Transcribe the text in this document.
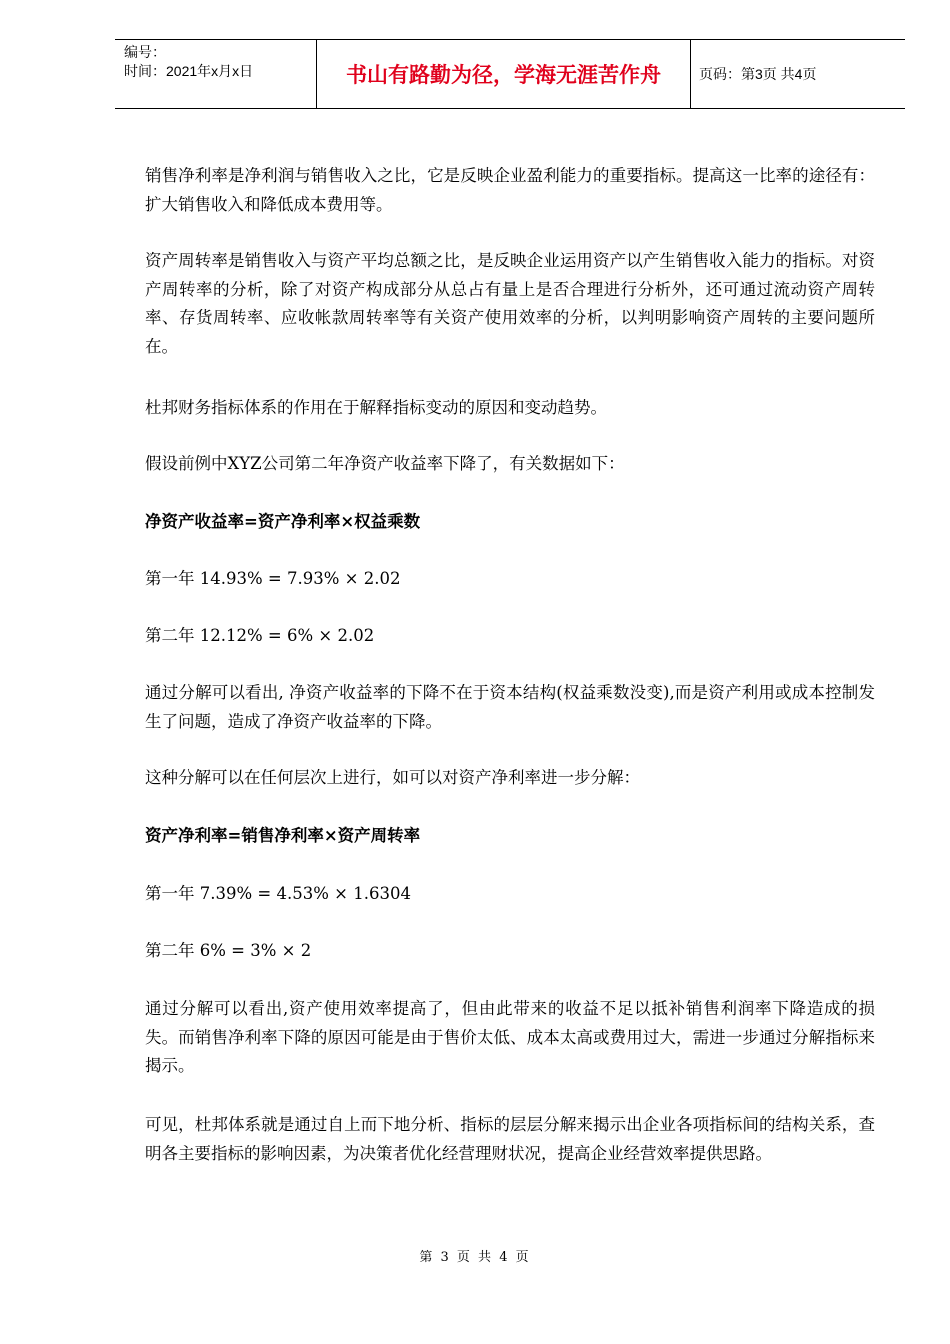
编号：
时间：2021年x月x日	书山有路勤为径，学海无涯苦作舟	页码：第3页 共4页

销售净利率是净利润与销售收入之比，它是反映企业盈利能力的重要指标。提高这一比率的途径有：扩大销售收入和降低成本费用等。

资产周转率是销售收入与资产平均总额之比，是反映企业运用资产以产生销售收入能力的指标。对资产周转率的分析，除了对资产构成部分从总占有量上是否合理进行分析外，还可通过流动资产周转率、存货周转率、应收帐款周转率等有关资产使用效率的分析，以判明影响资产周转的主要问题所在。

杜邦财务指标体系的作用在于解释指标变动的原因和变动趋势。

假设前例中XYZ公司第二年净资产收益率下降了，有关数据如下：

净资产收益率=资产净利率×权益乘数

第一年 14.93% = 7.93% × 2.02

第二年 12.12% = 6% × 2.02

通过分解可以看出, 净资产收益率的下降不在于资本结构(权益乘数没变),而是资产利用或成本控制发生了问题，造成了净资产收益率的下降。

这种分解可以在任何层次上进行，如可以对资产净利率进一步分解：

资产净利率=销售净利率×资产周转率

第一年 7.39% = 4.53% × 1.6304

第二年 6% = 3% × 2

通过分解可以看出,资产使用效率提高了，但由此带来的收益不足以抵补销售利润率下降造成的损失。而销售净利率下降的原因可能是由于售价太低、成本太高或费用过大，需进一步通过分解指标来揭示。

可见，杜邦体系就是通过自上而下地分析、指标的层层分解来揭示出企业各项指标间的结构关系，查明各主要指标的影响因素，为决策者优化经营理财状况，提高企业经营效率提供思路。

第 3 页 共 4 页
